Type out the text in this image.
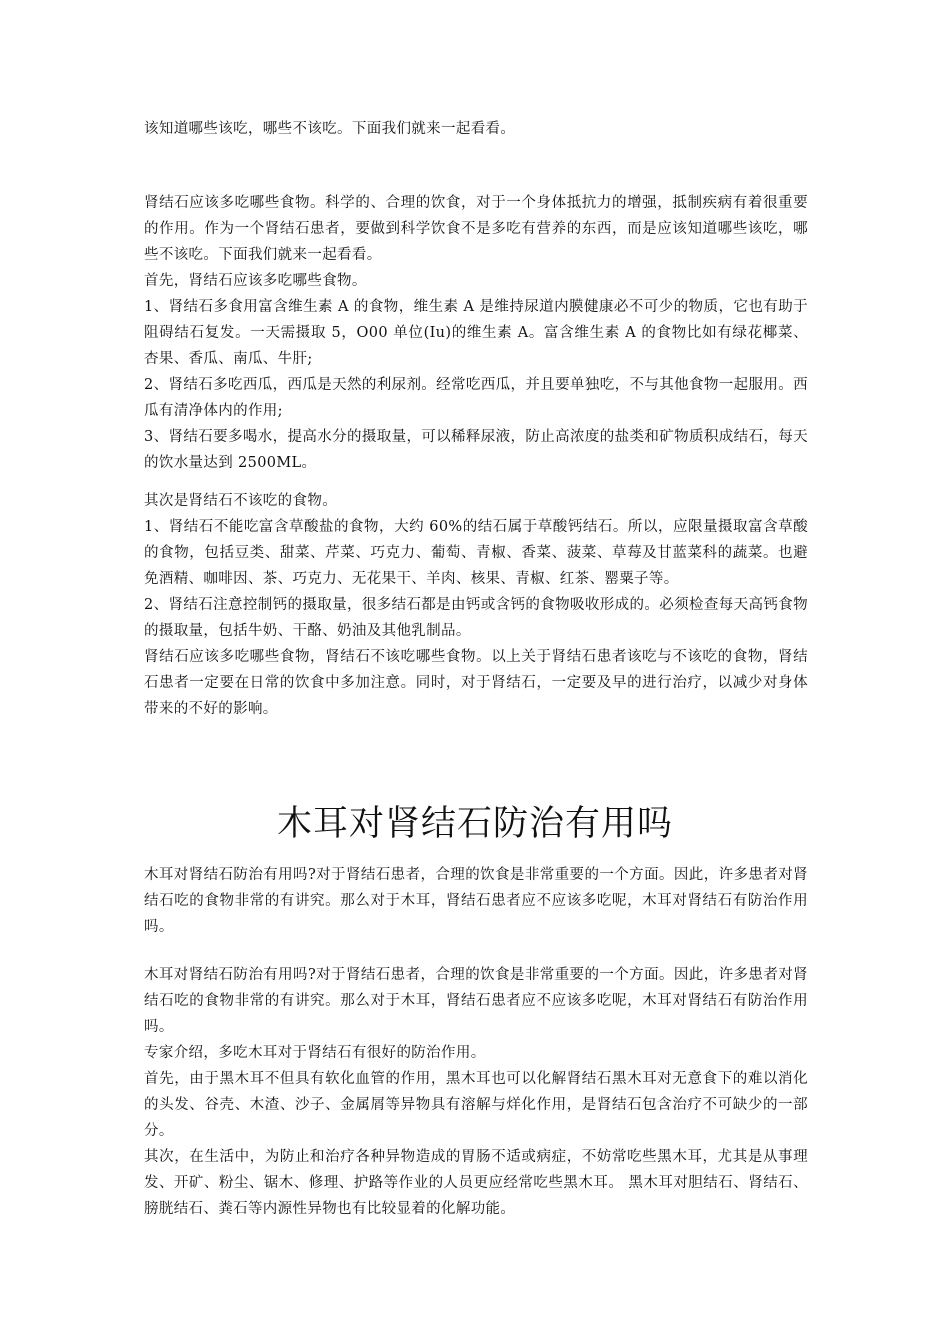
该知道哪些该吃，哪些不该吃。下面我们就来一起看看。

肾结石应该多吃哪些食物。科学的、合理的饮食，对于一个身体抵抗力的增强，抵制疾病有着很重要的作用。作为一个肾结石患者，要做到科学饮食不是多吃有营养的东西，而是应该知道哪些该吃，哪些不该吃。下面我们就来一起看看。

首先，肾结石应该多吃哪些食物。

1、肾结石多食用富含维生素 A 的食物，维生素 A 是维持尿道内膜健康必不可少的物质，它也有助于阻碍结石复发。一天需摄取 5，O00 单位(Iu)的维生素 A。富含维生素 A 的食物比如有绿花椰菜、杏果、香瓜、南瓜、牛肝;

2、肾结石多吃西瓜，西瓜是天然的利尿剂。经常吃西瓜，并且要单独吃，不与其他食物一起服用。西瓜有清净体内的作用;

3、肾结石要多喝水，提高水分的摄取量，可以稀释尿液，防止高浓度的盐类和矿物质积成结石，每天的饮水量达到 2500ML。

其次是肾结石不该吃的食物。

1、肾结石不能吃富含草酸盐的食物，大约 60%的结石属于草酸钙结石。所以，应限量摄取富含草酸的食物，包括豆类、甜菜、芹菜、巧克力、葡萄、青椒、香菜、菠菜、草莓及甘蓝菜科的蔬菜。也避免酒精、咖啡因、茶、巧克力、无花果干、羊肉、核果、青椒、红茶、罂粟子等。

2、肾结石注意控制钙的摄取量，很多结石都是由钙或含钙的食物吸收形成的。必须检查每天高钙食物的摄取量，包括牛奶、干酪、奶油及其他乳制品。

肾结石应该多吃哪些食物，肾结石不该吃哪些食物。以上关于肾结石患者该吃与不该吃的食物，肾结石患者一定要在日常的饮食中多加注意。同时，对于肾结石，一定要及早的进行治疗，以减少对身体带来的不好的影响。

木耳对肾结石防治有用吗

木耳对肾结石防治有用吗?对于肾结石患者，合理的饮食是非常重要的一个方面。因此，许多患者对肾结石吃的食物非常的有讲究。那么对于木耳，肾结石患者应不应该多吃呢，木耳对肾结石有防治作用吗。

木耳对肾结石防治有用吗?对于肾结石患者，合理的饮食是非常重要的一个方面。因此，许多患者对肾结石吃的食物非常的有讲究。那么对于木耳，肾结石患者应不应该多吃呢，木耳对肾结石有防治作用吗。

专家介绍，多吃木耳对于肾结石有很好的防治作用。

首先，由于黑木耳不但具有软化血管的作用，黑木耳也可以化解肾结石黑木耳对无意食下的难以消化的头发、谷壳、木渣、沙子、金属屑等异物具有溶解与烊化作用，是肾结石包含治疗不可缺少的一部分。

其次，在生活中，为防止和治疗各种异物造成的胃肠不适或病症，不妨常吃些黑木耳，尤其是从事理发、开矿、粉尘、锯木、修理、护路等作业的人员更应经常吃些黑木耳。 黑木耳对胆结石、肾结石、膀胱结石、粪石等内源性异物也有比较显着的化解功能。
